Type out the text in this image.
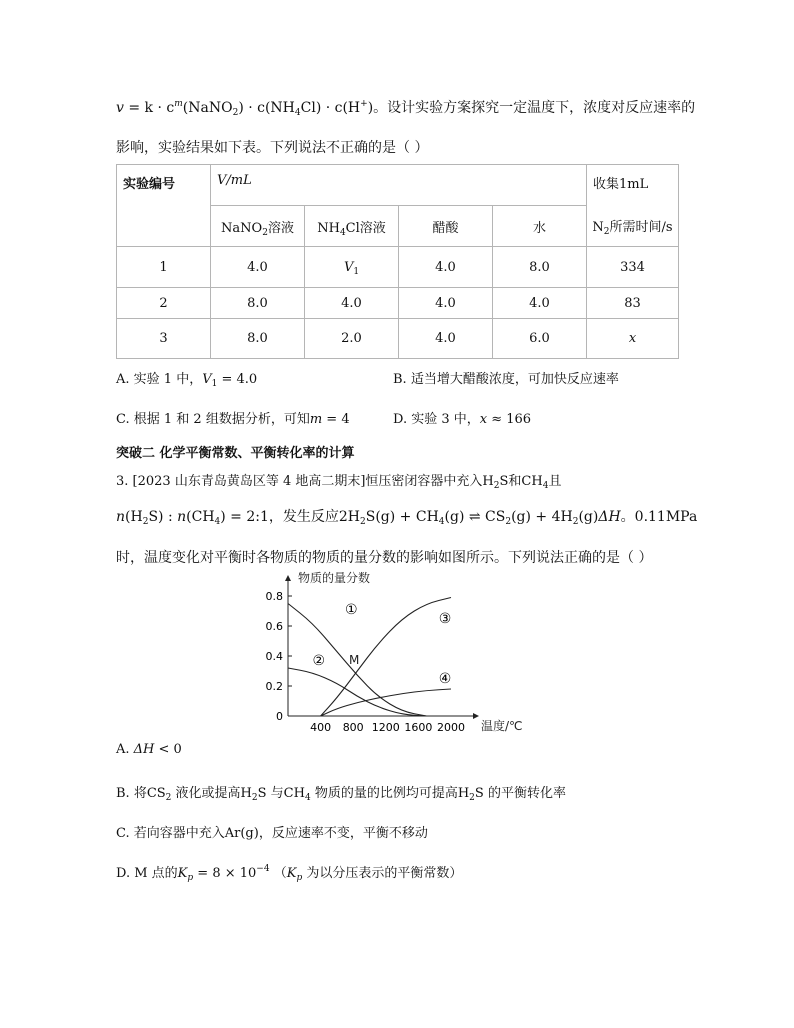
$v = k \cdot c^m(NaNO_2) \cdot c(NH_4Cl) \cdot c(H^+)$。设计实验方案探究一定温度下，浓度对反应速率的
影响，实验结果如下表。下列说法不正确的是（ ）
实验编号	V/mL				收集1mL
	NaNO$_2$溶液	$NH_4Cl$溶液	醋酸	水	$N_2$所需时间/s
1	4.0	$V_1$	4.0	8.0	334
2	8.0	4.0	4.0	4.0	83
3	8.0	2.0	4.0	6.0	x
A. 实验 1 中，$V_1 = 4.0$	B. 适当增大醋酸浓度，可加快反应速率
C. 根据 1 和 2 组数据分析，可知m = 4	D. 实验 3 中，x ≈ 166
突破二 化学平衡常数、平衡转化率的计算
3. [2023 山东青岛黄岛区等 4 地高二期末]恒压密闭容器中充入$H_2S$和$CH_4$且
$n(H_2S)$ : $n(CH_4)$ = 2:1，发生反应$2H_2S(g) + CH_4(g)$ ⇌ $CS_2(g) + 4H_2(g)\Delta H$。0.11MPa
时，温度变化对平衡时各物质的物质的量分数的影响如图所示。下列说法正确的是（ ）
物质的量分数
温度/℃
0
0.2
0.4
0.6
0.8
400 800 1200 1600 2000
①
②
③
④
M
A. ΔH < 0
B. 将$CS_2$ 液化或提高$H_2S$ 与$CH_4$ 物质的量的比例均可提高$H_2S$ 的平衡转化率
C. 若向容器中充入Ar(g)，反应速率不变，平衡不移动
D. M 点的$K_p = 8 \times 10^{-4}$ （$K_p$ 为以分压表示的平衡常数）
